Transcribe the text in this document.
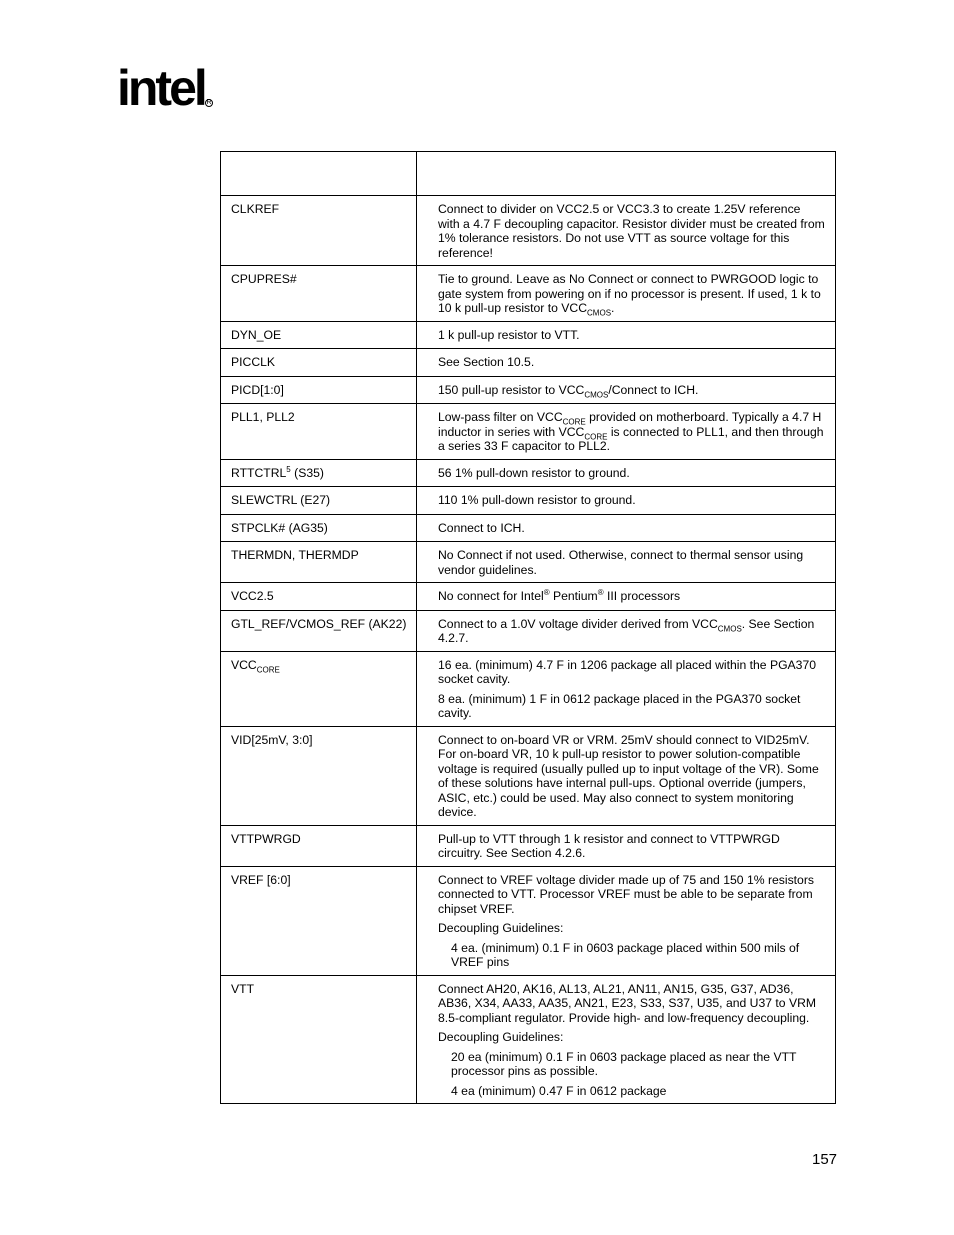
intel R

CLKREF	Connect to divider on VCC2.5 or VCC3.3 to create 1.25V reference with a 4.7 F decoupling capacitor. Resistor divider must be created from 1% tolerance resistors. Do not use VTT as source voltage for this reference!

CPUPRES#	Tie to ground. Leave as No Connect or connect to PWRGOOD logic to gate system from powering on if no processor is present. If used, 1 k to 10 k pull-up resistor to $VCC_{CMOS}$.

DYN_OE	1 k pull-up resistor to VTT.

PICCLK	See Section 10.5.

PICD[1:0]	150 pull-up resistor to $VCC_{CMOS}$/Connect to ICH.

PLL1, PLL2	Low-pass filter on $VCC_{CORE}$ provided on motherboard. Typically a 4.7 H inductor in series with $VCC_{CORE}$ is connected to PLL1, and then through a series 33 F capacitor to PLL2.

RTTCTRL$^5$ (S35)	56 1% pull-down resistor to ground.

SLEWCTRL (E27)	110 1% pull-down resistor to ground.

STPCLK# (AG35)	Connect to ICH.

THERMDN, THERMDP	No Connect if not used. Otherwise, connect to thermal sensor using vendor guidelines.

VCC2.5	No connect for Intel® Pentium® III processors

GTL_REF/VCMOS_REF (AK22)	Connect to a 1.0V voltage divider derived from $VCC_{CMOS}$. See Section 4.2.7.

$VCC_{CORE}$	16 ea. (minimum) 4.7 F in 1206 package all placed within the PGA370 socket cavity.

8 ea. (minimum) 1 F in 0612 package placed in the PGA370 socket cavity.

VID[25mV, 3:0]	Connect to on-board VR or VRM. 25mV should connect to VID25mV. For on-board VR, 10 k pull-up resistor to power solution-compatible voltage is required (usually pulled up to input voltage of the VR). Some of these solutions have internal pull-ups. Optional override (jumpers, ASIC, etc.) could be used. May also connect to system monitoring device.

VTTPWRGD	Pull-up to VTT through 1 k resistor and connect to VTTPWRGD circuitry. See Section 4.2.6.

VREF [6:0]	Connect to VREF voltage divider made up of 75 and 150 1% resistors connected to VTT. Processor VREF must be able to be separate from chipset VREF.

Decoupling Guidelines:

4 ea. (minimum) 0.1 F in 0603 package placed within 500 mils of VREF pins

VTT	Connect AH20, AK16, AL13, AL21, AN11, AN15, G35, G37, AD36, AB36, X34, AA33, AA35, AN21, E23, S33, S37, U35, and U37 to VRM 8.5-compliant regulator. Provide high- and low-frequency decoupling.

Decoupling Guidelines:

20 ea (minimum) 0.1 F in 0603 package placed as near the VTT processor pins as possible.

4 ea (minimum) 0.47 F in 0612 package

157
